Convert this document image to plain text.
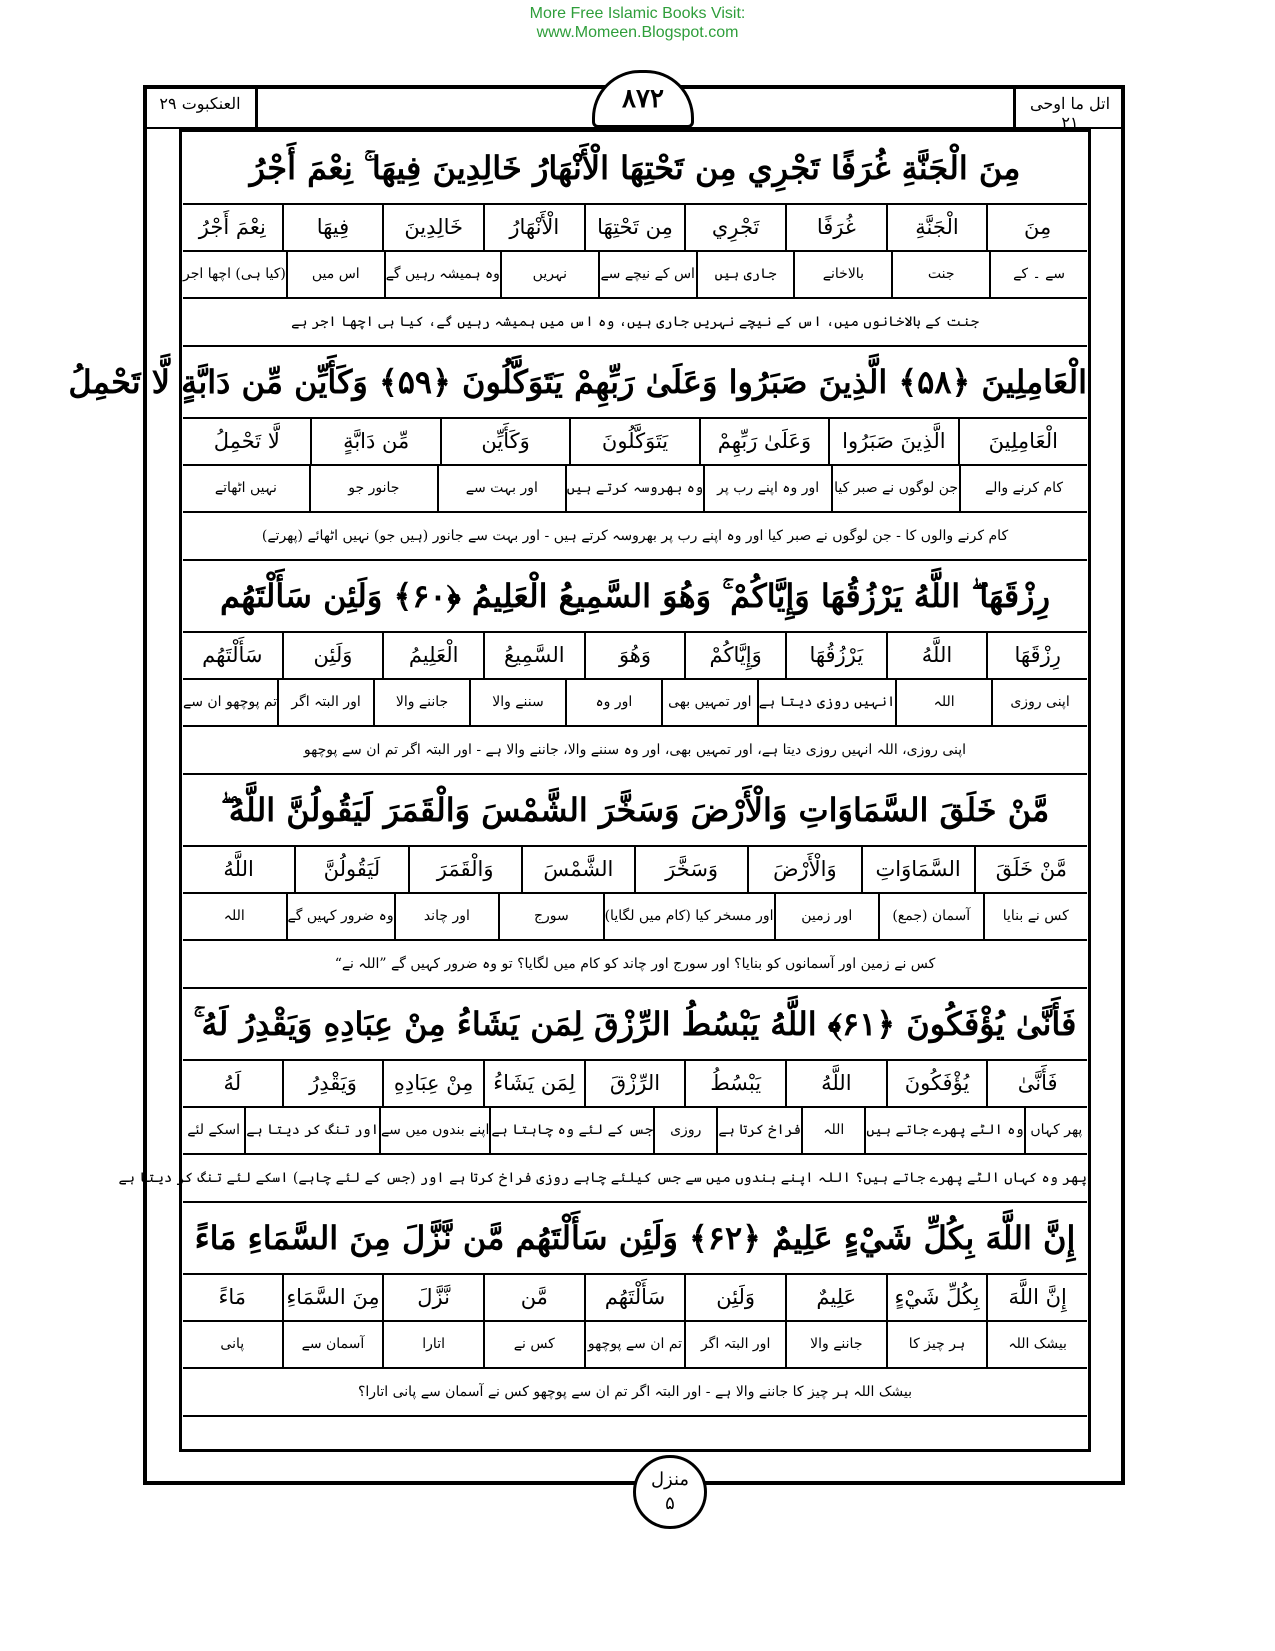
More Free Islamic Books Visit:
www.Momeen.Blogspot.com
العنکبوت ۲۹	اتل ما اوحی ۲۱
۸۷۲
مِنَ الْجَنَّةِ غُرَفًا تَجْرِي مِن تَحْتِهَا الْأَنْهَارُ خَالِدِينَ فِيهَا ۚ نِعْمَ أَجْرُ
مِنَ
الْجَنَّةِ
غُرَفًا
تَجْرِي
مِن تَحْتِهَا
الْأَنْهَارُ
خَالِدِينَ
فِيهَا
نِعْمَ أَجْرُ
سے ۔ کے
جنت
بالاخانے
جاری ہیں
اس کے نیچے سے
نہریں
وہ ہمیشہ رہیں گے
اس میں
(کیا ہی) اچھا اجر
جنت کے بالاخانوں میں، اس کے نیچے نہریں جاری ہیں، وہ اس میں ہمیشہ رہیں گے، کیا ہی اچھا اجر ہے
الْعَامِلِينَ ﴿۵۸﴾ الَّذِينَ صَبَرُوا وَعَلَىٰ رَبِّهِمْ يَتَوَكَّلُونَ ﴿۵۹﴾ وَكَأَيِّن مِّن دَابَّةٍ لَّا تَحْمِلُ
الْعَامِلِينَ
الَّذِينَ صَبَرُوا
وَعَلَىٰ رَبِّهِمْ
يَتَوَكَّلُونَ
وَكَأَيِّن
مِّن دَابَّةٍ
لَّا تَحْمِلُ
کام کرنے والے
جن لوگوں نے صبر کیا
اور وہ اپنے رب پر
وہ بھروسہ کرتے ہیں
اور بہت سے
جانور جو
نہیں اٹھاتے
کام کرنے والوں کا - جن لوگوں نے صبر کیا اور وہ اپنے رب پر بھروسہ کرتے ہیں - اور بہت سے جانور (ہیں جو) نہیں اٹھائے (پھرتے)
رِزْقَهَا ۖ اللَّهُ يَرْزُقُهَا وَإِيَّاكُمْ ۚ وَهُوَ السَّمِيعُ الْعَلِيمُ ﴿۶۰﴾ وَلَئِن سَأَلْتَهُم
رِزْقَهَا
اللَّهُ
يَرْزُقُهَا
وَإِيَّاكُمْ
وَهُوَ
السَّمِيعُ
الْعَلِيمُ
وَلَئِن
سَأَلْتَهُم
اپنی روزی
اللہ
انہیں روزی دیتا ہے
اور تمہیں بھی
اور وہ
سننے والا
جاننے والا
اور البتہ اگر
تم پوچھو ان سے
اپنی روزی، اللہ انہیں روزی دیتا ہے، اور تمہیں بھی، اور وہ سننے والا، جاننے والا ہے - اور البتہ اگر تم ان سے پوچھو
مَّنْ خَلَقَ السَّمَاوَاتِ وَالْأَرْضَ وَسَخَّرَ الشَّمْسَ وَالْقَمَرَ لَيَقُولُنَّ اللَّهُ ۖ
مَّنْ خَلَقَ
السَّمَاوَاتِ
وَالْأَرْضَ
وَسَخَّرَ
الشَّمْسَ
وَالْقَمَرَ
لَيَقُولُنَّ
اللَّهُ
کس نے بنایا
آسمان (جمع)
اور زمین
اور مسخر کیا (کام میں لگایا)
سورج
اور چاند
وہ ضرور کہیں گے
اللہ
کس نے زمین اور آسمانوں کو بنایا؟ اور سورج اور چاند کو کام میں لگایا؟ تو وہ ضرور کہیں گے ”اللہ نے“
فَأَنَّىٰ يُؤْفَكُونَ ﴿۶۱﴾ اللَّهُ يَبْسُطُ الرِّزْقَ لِمَن يَشَاءُ مِنْ عِبَادِهِ وَيَقْدِرُ لَهُ ۚ
فَأَنَّىٰ
يُؤْفَكُونَ
اللَّهُ
يَبْسُطُ
الرِّزْقَ
لِمَن يَشَاءُ
مِنْ عِبَادِهِ
وَيَقْدِرُ
لَهُ
پھر کہاں
وہ الٹے پھرے جاتے ہیں
اللہ
فراخ کرتا ہے
روزی
جس کے لئے وہ چاہتا ہے
اپنے بندوں میں سے
اور تنگ کر دیتا ہے
اسکے لئے
پھر وہ کہاں الٹے پھرے جاتے ہیں؟ اللہ اپنے بندوں میں سے جس کیلئے چاہے روزی فراخ کرتا ہے اور (جس کے لئے چاہے) اسکے لئے تنگ کر دیتا ہے
إِنَّ اللَّهَ بِكُلِّ شَيْءٍ عَلِيمٌ ﴿۶۲﴾ وَلَئِن سَأَلْتَهُم مَّن نَّزَّلَ مِنَ السَّمَاءِ مَاءً
إِنَّ اللَّهَ
بِكُلِّ شَيْءٍ
عَلِيمٌ
وَلَئِن
سَأَلْتَهُم
مَّن
نَّزَّلَ
مِنَ السَّمَاءِ
مَاءً
بیشک اللہ
ہر چیز کا
جاننے والا
اور البتہ اگر
تم ان سے پوچھو
کس نے
اتارا
آسمان سے
پانی
بیشک اللہ ہر چیز کا جاننے والا ہے - اور البتہ اگر تم ان سے پوچھو کس نے آسمان سے پانی اتارا؟
منزل
۵
